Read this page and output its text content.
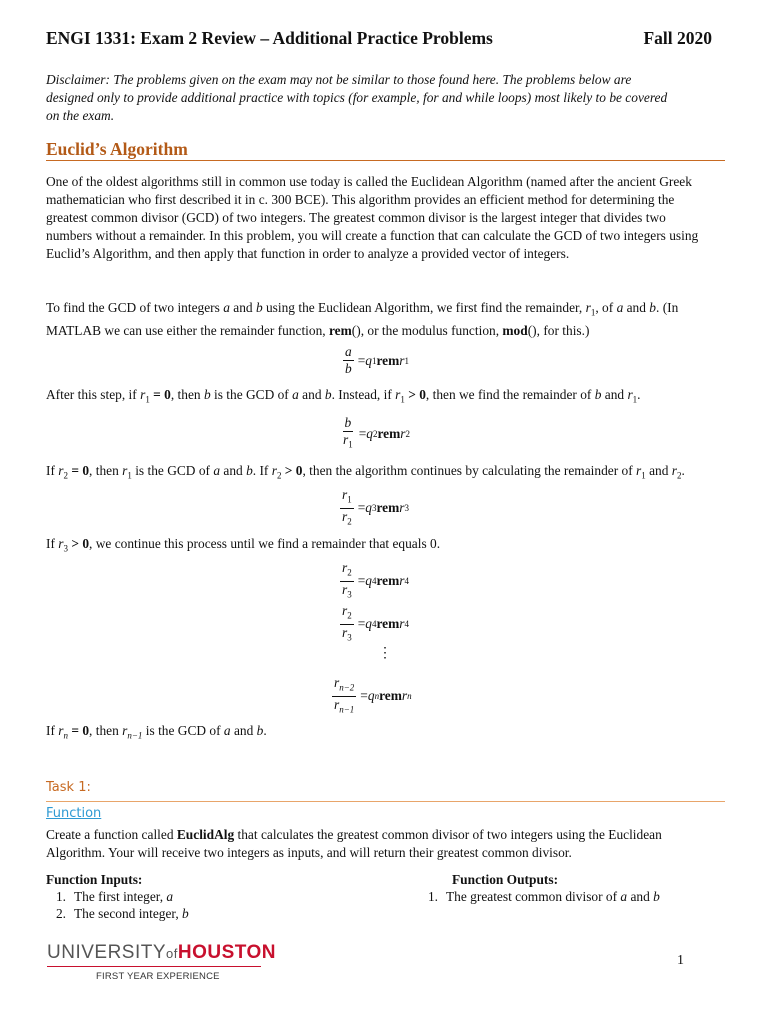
ENGI 1331: Exam 2 Review – Additional Practice Problems	Fall 2020
Disclaimer: The problems given on the exam may not be similar to those found here. The problems below are
designed only to provide additional practice with topics (for example, for and while loops) most likely to be covered
on the exam.
Euclid’s Algorithm
One of the oldest algorithms still in common use today is called the Euclidean Algorithm (named after the ancient Greek
mathematician who first described it in c. 300 BCE). This algorithm provides an efficient method for determining the
greatest common divisor (GCD) of two integers. The greatest common divisor is the largest integer that divides two
numbers without a remainder. In this problem, you will create a function that can calculate the GCD of two integers using
Euclid’s Algorithm, and then apply that function in order to analyze a provided vector of integers.
To find the GCD of two integers a and b using the Euclidean Algorithm, we first find the remainder, $r_1$, of a and b. (In
MATLAB we can use either the remainder function, rem(), or the modulus function, mod(), for this.)
$\frac{a}{b} = q$ 1 rem r 1
After this step, if $r_1 = 0$, then b is the GCD of a and b. Instead, if $r_1 > 0$, then we find the remainder of b and $r_1$.
$\frac{b}{r_1} = q$ 2 rem r 2
If $r_2 = 0$, then $r_1$ is the GCD of a and b. If $r_2 > 0$, then the algorithm continues by calculating the remainder of $r_1$ and $r_2$.
$\frac{r_1}{r_2} = q$ 3 rem r 3
If $r_3 > 0$, we continue this process until we find a remainder that equals 0.
$\frac{r_2}{r_3} = q$ 4 rem r 4
$\frac{r_2}{r_3} = q$ 4 rem r 4
⋮
$\frac{r_{n-2}}{r_{n-1}} = q$ n rem r n
If $r_n = 0$, then $r_{n-1}$ is the GCD of a and b.
Task 1:
Function
Create a function called EuclidAlg that calculates the greatest common divisor of two integers using the Euclidean
Algorithm. Your will receive two integers as inputs, and will return their greatest common divisor.
Function Inputs:
1. The first integer, a
2. The second integer, b
Function Outputs:
1. The greatest common divisor of a and b
UNIVERSITYofHOUSTON
FIRST YEAR EXPERIENCE
1
